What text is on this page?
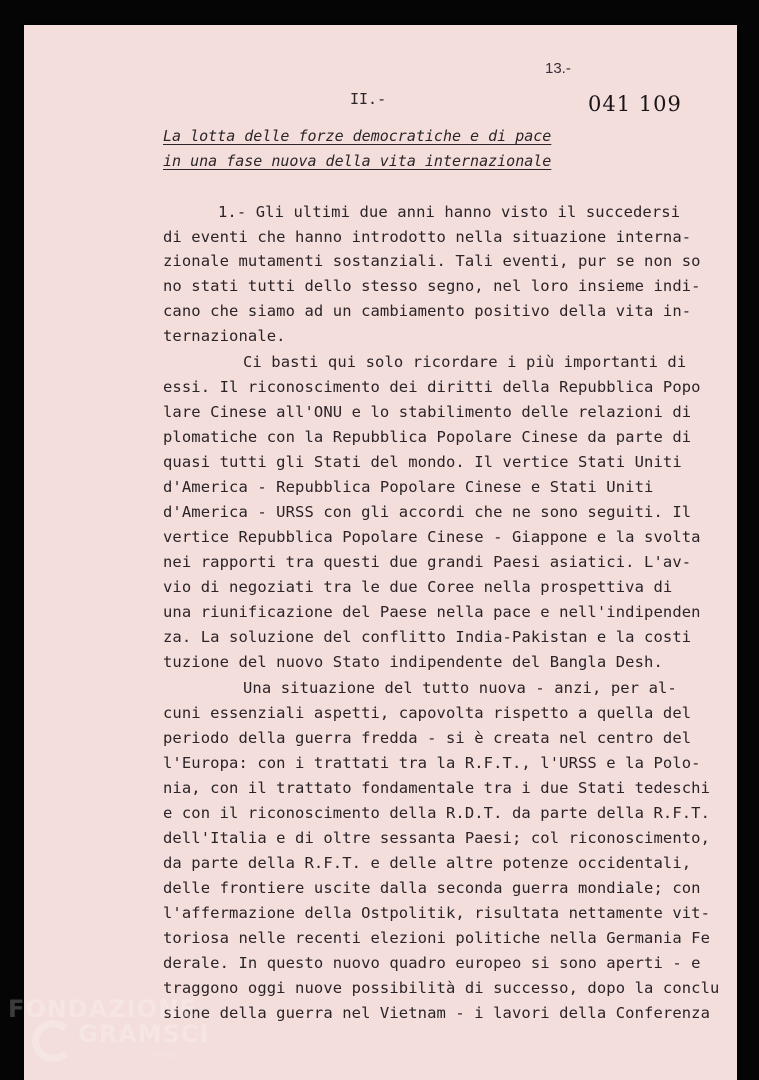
13.-
II.-	041 109
La lotta delle forze democratiche e di pace
in una fase nuova della vita internazionale
1.- Gli ultimi due anni hanno visto il succedersi
di eventi che hanno introdotto nella situazione interna-
zionale mutamenti sostanziali. Tali eventi, pur se non so
no stati tutti dello stesso segno, nel loro insieme indi-
cano che siamo ad un cambiamento positivo della vita in-
ternazionale.
Ci basti qui solo ricordare i più importanti di
essi. Il riconoscimento dei diritti della Repubblica Popo
lare Cinese all'ONU e lo stabilimento delle relazioni di
plomatiche con la Repubblica Popolare Cinese da parte di
quasi tutti gli Stati del mondo. Il vertice Stati Uniti
d'America - Repubblica Popolare Cinese e Stati Uniti
d'America - URSS con gli accordi che ne sono seguiti. Il
vertice Repubblica Popolare Cinese - Giappone e la svolta
nei rapporti tra questi due grandi Paesi asiatici. L'av-
vio di negoziati tra le due Coree nella prospettiva di
una riunificazione del Paese nella pace e nell'indipenden
za. La soluzione del conflitto India-Pakistan e la costi
tuzione del nuovo Stato indipendente del Bangla Desh.
Una situazione del tutto nuova - anzi, per al-
cuni essenziali aspetti, capovolta rispetto a quella del
periodo della guerra fredda - si è creata nel centro del
l'Europa: con i trattati tra la R.F.T., l'URSS e la Polo-
nia, con il trattato fondamentale tra i due Stati tedeschi
e con il riconoscimento della R.D.T. da parte della R.F.T.
dell'Italia e di oltre sessanta Paesi; col riconoscimento,
da parte della R.F.T. e delle altre potenze occidentali,
delle frontiere uscite dalla seconda guerra mondiale; con
l'affermazione della Ostpolitik, risultata nettamente vit-
toriosa nelle recenti elezioni politiche nella Germania Fe
derale. In questo nuovo quadro europeo si sono aperti - e
traggono oggi nuove possibilità di successo, dopo la conclu
sione della guerra nel Vietnam - i lavori della Conferenza
FONDAZIONE
GRAMSCI
onlus
